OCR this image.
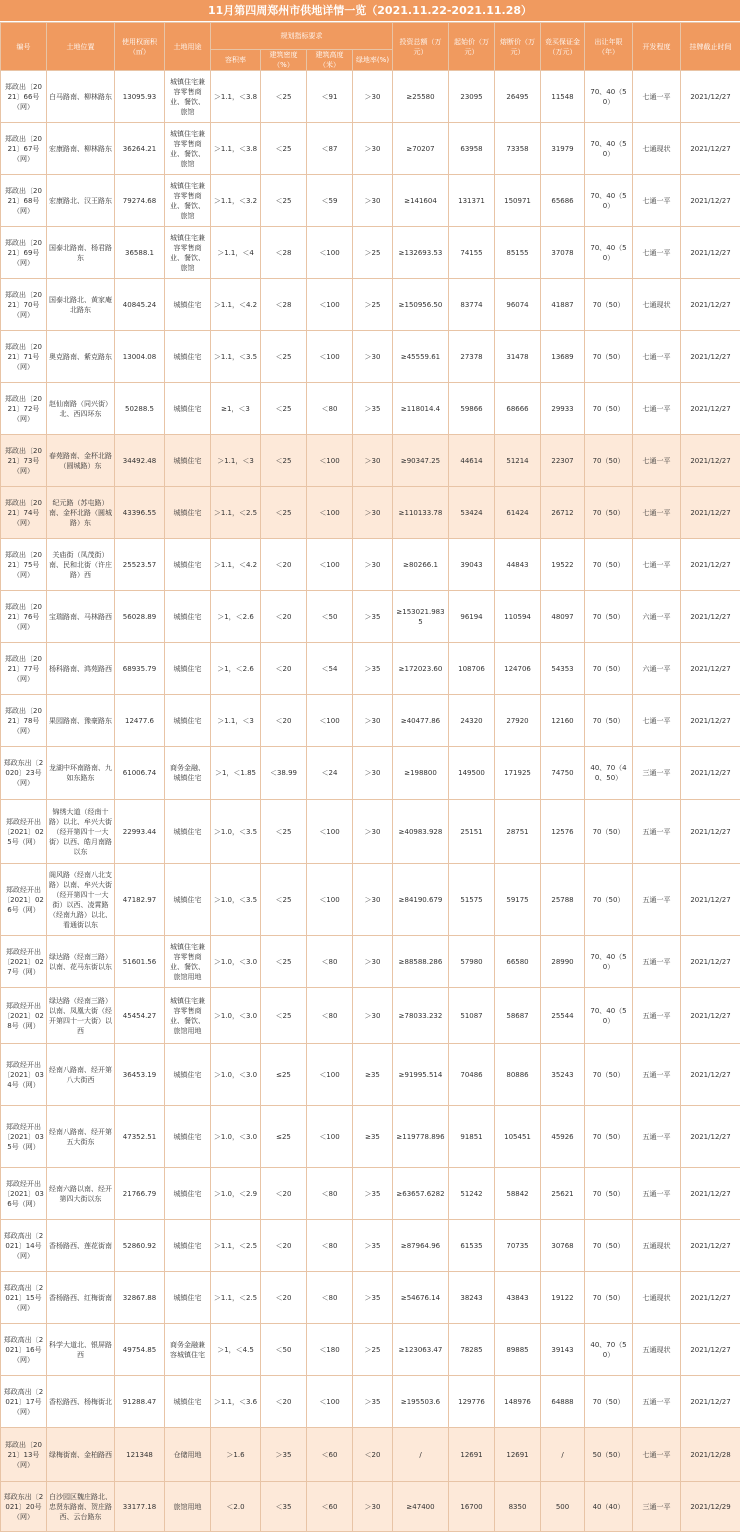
11月第四周郑州市供地详情一览（2021.11.22-2021.11.28）
编号	土地位置	使用权面积（㎡）	土地用途	规划指标要求				投资总额（万元）	起始价（万元）	熔断价（万元）	竞买保证金（万元）	出让年限（年）	开发程度	挂牌截止时间
				容积率	建筑密度（%）	建筑高度（米）	绿地率(%)							
郑政出〔2021〕66号（网）	白马路南、柳林路东	13095.93	城镇住宅兼容零售商业、餐饮、旅馆	＞1.1，＜3.8	＜25	＜91	＞30	≥25580	23095	26495	11548	70、40（50）	七通一平	2021/12/27
郑政出〔2021〕67号（网）	宏康路南、柳林路东	36264.21	城镇住宅兼容零售商业、餐饮、旅馆	＞1.1，＜3.8	＜25	＜87	＞30	≥70207	63958	73358	31979	70、40（50）	七通现状	2021/12/27
郑政出〔2021〕68号（网）	宏康路北、汉王路东	79274.68	城镇住宅兼容零售商业、餐饮、旅馆	＞1.1，＜3.2	＜25	＜59	＞30	≥141604	131371	150971	65686	70、40（50）	七通一平	2021/12/27
郑政出〔2021〕69号（网）	国泰北路南、杨君路东	36588.1	城镇住宅兼容零售商业、餐饮、旅馆	＞1.1，＜4	＜28	＜100	＞25	≥132693.53	74155	85155	37078	70、40（50）	七通一平	2021/12/27
郑政出〔2021〕70号（网）	国泰北路北、黄家庵北路东	40845.24	城镇住宅	＞1.1，＜4.2	＜28	＜100	＞25	≥150956.50	83774	96074	41887	70（50）	七通现状	2021/12/27
郑政出〔2021〕71号（网）	奥克路南、紫克路东	13004.08	城镇住宅	＞1.1，＜3.5	＜25	＜100	＞30	≥45559.61	27378	31478	13689	70（50）	七通一平	2021/12/27
郑政出〔2021〕72号（网）	赵仙南路（同兴街）北、西四环东	50288.5	城镇住宅	≥1，＜3	＜25	＜80	＞35	≥118014.4	59866	68666	29933	70（50）	七通一平	2021/12/27
郑政出〔2021〕73号（网）	春苑路南、金杯北路（圆城路）东	34492.48	城镇住宅	＞1.1，＜3	＜25	＜100	＞30	≥90347.25	44614	51214	22307	70（50）	七通一平	2021/12/27
郑政出〔2021〕74号（网）	纪元路（苏屯路）南、金杯北路（圆城路）东	43396.55	城镇住宅	＞1.1，＜2.5	＜25	＜100	＞30	≥110133.78	53424	61424	26712	70（50）	七通一平	2021/12/27
郑政出〔2021〕75号（网）	关庙街（凤茂街）南、民和北街（许庄路）西	25523.57	城镇住宅	＞1.1，＜4.2	＜20	＜100	＞30	≥80266.1	39043	44843	19522	70（50）	七通一平	2021/12/27
郑政出〔2021〕76号（网）	宝瑞路南、马林路西	56028.89	城镇住宅	＞1，＜2.6	＜20	＜50	＞35	≥153021.9835	96194	110594	48097	70（50）	六通一平	2021/12/27
郑政出〔2021〕77号（网）	杨科路南、鸿苑路西	68935.79	城镇住宅	＞1，＜2.6	＜20	＜54	＞35	≥172023.60	108706	124706	54353	70（50）	六通一平	2021/12/27
郑政出〔2021〕78号（网）	果园路南、豫豪路东	12477.6	城镇住宅	＞1.1，＜3	＜20	＜100	＞30	≥40477.86	24320	27920	12160	70（50）	七通一平	2021/12/27
郑政东出〔2020〕23号（网）	龙湖中环南路南、九如东路东	61006.74	商务金融、城镇住宅	＞1，＜1.85	＜38.99	＜24	＞30	≥198800	149500	171925	74750	40、70（40、50）	三通一平	2021/12/27
郑政经开出〔2021〕025号（网）	锦绣大道（经南十路）以北、牟兴大街（经开第四十一大街）以西、皓月南路以东	22993.44	城镇住宅	＞1.0，＜3.5	＜25	＜100	＞30	≥40983.928	25151	28751	12576	70（50）	五通一平	2021/12/27
郑政经开出〔2021〕026号（网）	阁风路（经南八北支路）以南、牟兴大街（经开第四十一大街）以西、凌霄路（经南九路）以北、看通街以东	47182.97	城镇住宅	＞1.0，＜3.5	＜25	＜100	＞30	≥84190.679	51575	59175	25788	70（50）	五通一平	2021/12/27
郑政经开出〔2021〕027号（网）	绿达路（经南三路）以南、花马东街以东	51601.56	城镇住宅兼容零售商业、餐饮、旅馆用地	＞1.0，＜3.0	＜25	＜80	＞30	≥88588.286	57980	66580	28990	70、40（50）	五通一平	2021/12/27
郑政经开出〔2021〕028号（网）	绿达路（经南三路）以南、凤凰大街（经开第四十一大街）以西	45454.27	城镇住宅兼容零售商业、餐饮、旅馆用地	＞1.0，＜3.0	＜25	＜80	＞30	≥78033.232	51087	58687	25544	70、40（50）	五通一平	2021/12/27
郑政经开出〔2021〕034号（网）	经南八路南、经开第八大街西	36453.19	城镇住宅	＞1.0，＜3.0	≤25	＜100	≥35	≥91995.514	70486	80886	35243	70（50）	五通一平	2021/12/27
郑政经开出〔2021〕035号（网）	经南八路南、经开第五大街东	47352.51	城镇住宅	＞1.0，＜3.0	≤25	＜100	≥35	≥119778.896	91851	105451	45926	70（50）	五通一平	2021/12/27
郑政经开出〔2021〕036号（网）	经南六路以南、经开第四大街以东	21766.79	城镇住宅	＞1.0，＜2.9	＜20	＜80	＞35	≥63657.6282	51242	58842	25621	70（50）	五通一平	2021/12/27
郑政高出〔2021〕14号（网）	香杨路西、莲花街南	52860.92	城镇住宅	＞1.1，＜2.5	＜20	＜80	＞35	≥87964.96	61535	70735	30768	70（50）	五通现状	2021/12/27
郑政高出〔2021〕15号（网）	香杨路西、红梅街南	32867.88	城镇住宅	＞1.1，＜2.5	＜20	＜80	＞35	≥54676.14	38243	43843	19122	70（50）	七通现状	2021/12/27
郑政高出〔2021〕16号（网）	科学大道北、银屏路西	49754.85	商务金融兼容城镇住宅	＞1，＜4.5	＜50	＜180	＞25	≥123063.47	78285	89885	39143	40、70（50）	五通现状	2021/12/27
郑政高出〔2021〕17号（网）	香松路西、杨梅街北	91288.47	城镇住宅	＞1.1，＜3.6	＜20	＜100	＞35	≥195503.6	129776	148976	64888	70（50）	五通一平	2021/12/27
郑政出〔2021〕13号（网）	绿梅街南、金柏路西	121348	仓储用地	＞1.6	＞35	＜60	＜20	/	12691	12691	/	50（50）	七通一平	2021/12/28
郑政东出〔2021〕20号（网）	白沙园区魏庄路北、忠贤东路南、贺庄路西、云台路东	33177.18	旅馆用地	＜2.0	＜35	＜60	＞30	≥47400	16700	8350	500	40（40）	三通一平	2021/12/29
